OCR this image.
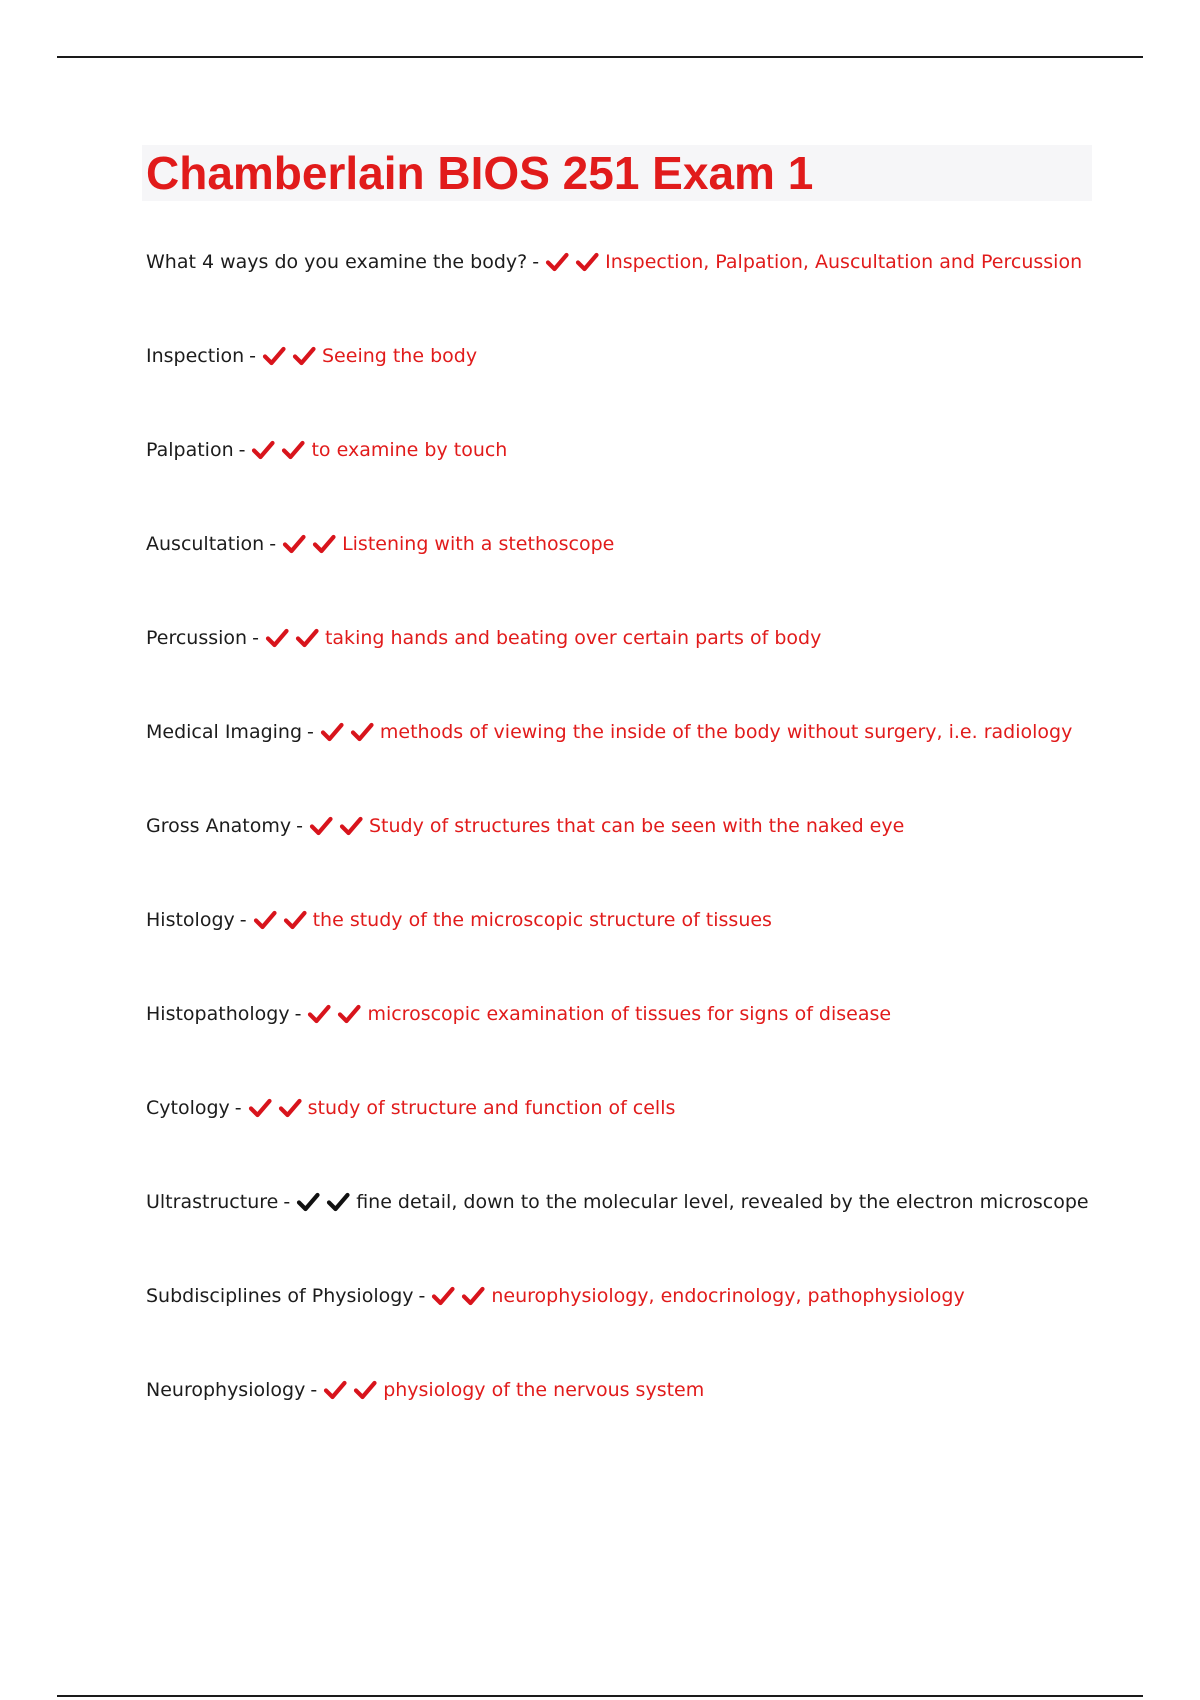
Chamberlain BIOS 251 Exam 1
What 4 ways do you examine the body? -	Inspection, Palpation, Auscultation and Percussion
Inspection -	Seeing the body
Palpation -	to examine by touch
Auscultation -	Listening with a stethoscope
Percussion -	taking hands and beating over certain parts of body
Medical Imaging -	methods of viewing the inside of the body without surgery, i.e. radiology
Gross Anatomy -	Study of structures that can be seen with the naked eye
Histology -	the study of the microscopic structure of tissues
Histopathology -	microscopic examination of tissues for signs of disease
Cytology -	study of structure and function of cells
Ultrastructure -	fine detail, down to the molecular level, revealed by the electron microscope
Subdisciplines of Physiology -	neurophysiology, endocrinology, pathophysiology
Neurophysiology -	physiology of the nervous system
